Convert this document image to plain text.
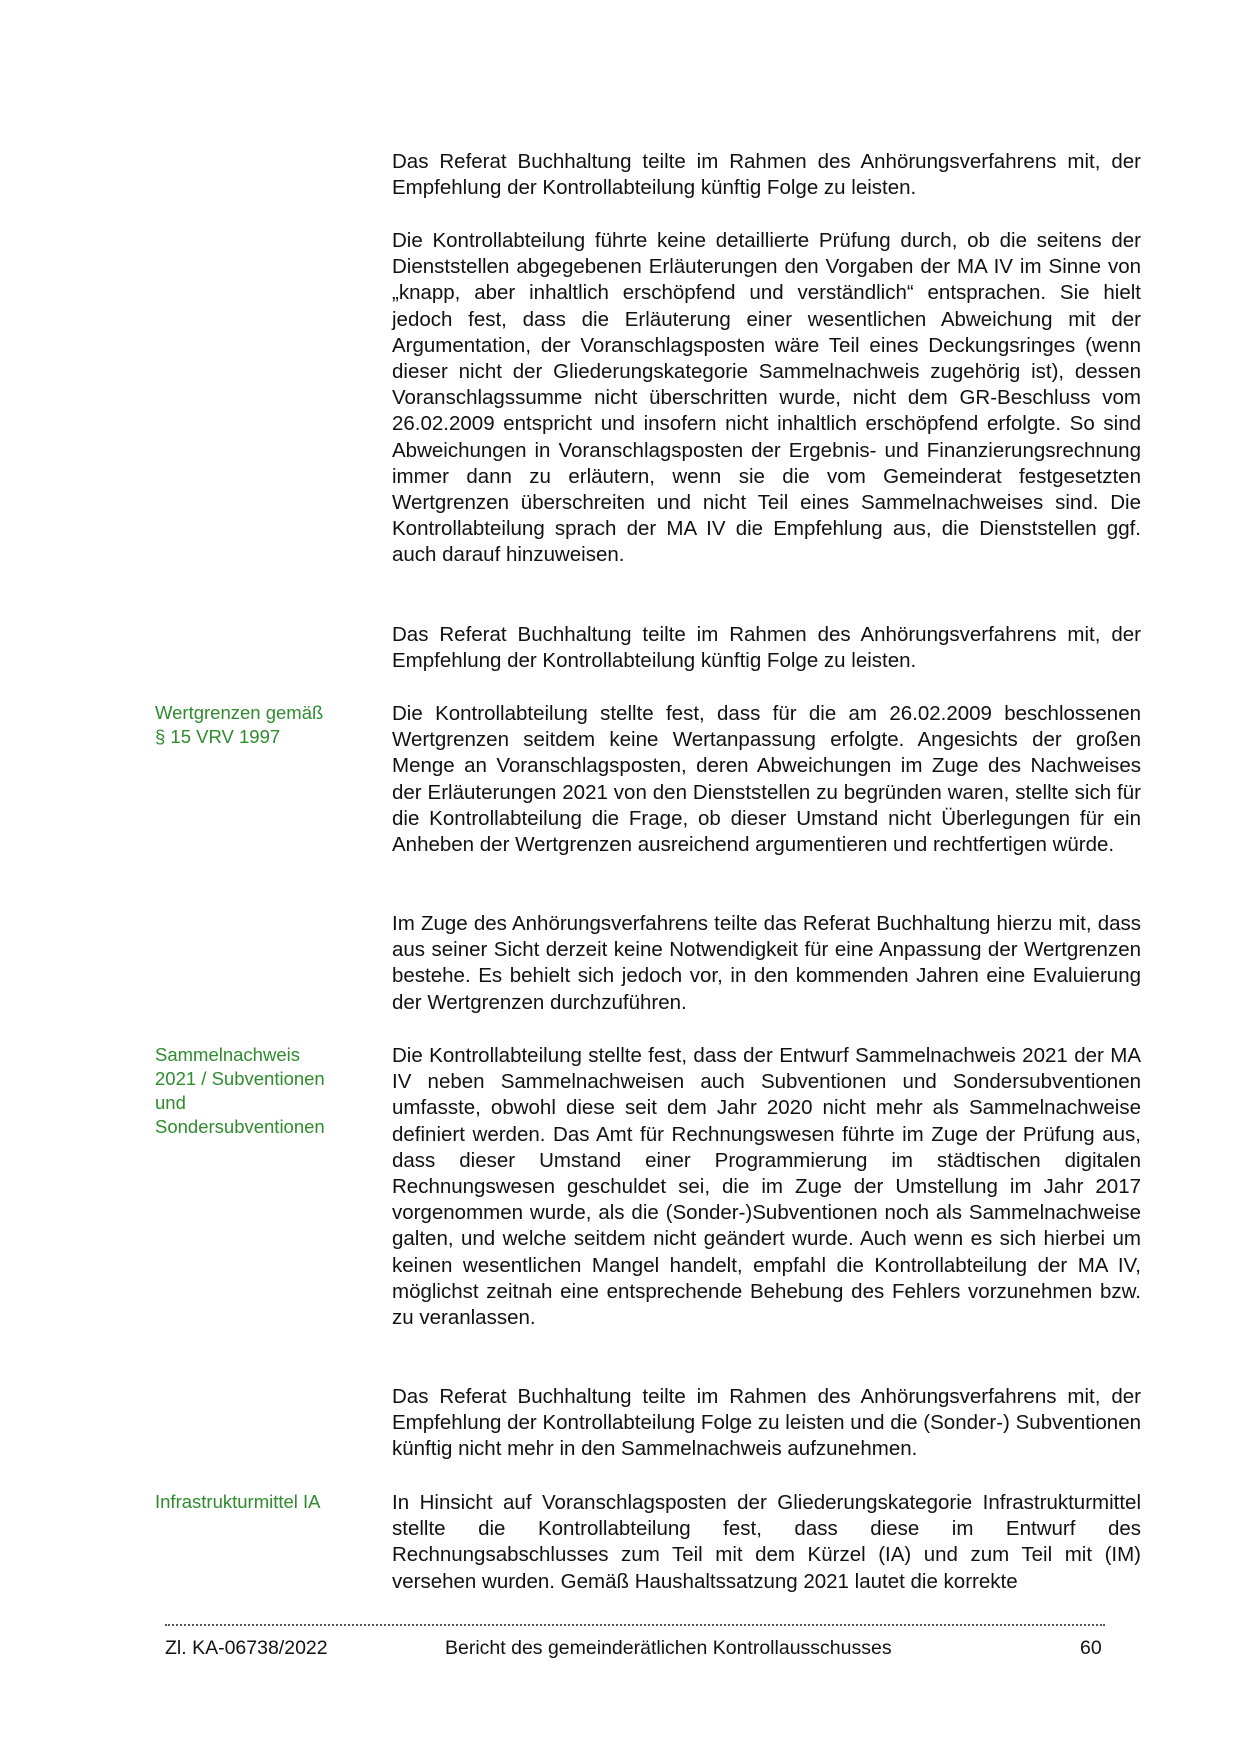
Das Referat Buchhaltung teilte im Rahmen des Anhörungsverfahrens mit, der Empfehlung der Kontrollabteilung künftig Folge zu leisten.

Die Kontrollabteilung führte keine detaillierte Prüfung durch, ob die seitens der Dienststellen abgegebenen Erläuterungen den Vorgaben der MA IV im Sinne von „knapp, aber inhaltlich erschöpfend und verständlich“ entsprachen. Sie hielt jedoch fest, dass die Erläuterung einer wesentlichen Abweichung mit der Argumentation, der Voranschlagsposten wäre Teil eines Deckungsringes (wenn dieser nicht der Gliederungskategorie Sammelnachweis zugehörig ist), dessen Voranschlagssumme nicht überschritten wurde, nicht dem GR-Beschluss vom 26.02.2009 entspricht und insofern nicht inhaltlich erschöpfend erfolgte. So sind Abweichungen in Voranschlagsposten der Ergebnis- und Finanzierungsrechnung immer dann zu erläutern, wenn sie die vom Gemeinderat festgesetzten Wertgrenzen überschreiten und nicht Teil eines Sammelnachweises sind. Die Kontrollabteilung sprach der MA IV die Empfehlung aus, die Dienststellen ggf. auch darauf hinzuweisen.

Das Referat Buchhaltung teilte im Rahmen des Anhörungsverfahrens mit, der Empfehlung der Kontrollabteilung künftig Folge zu leisten.

Wertgrenzen gemäß
§ 15 VRV 1997

Die Kontrollabteilung stellte fest, dass für die am 26.02.2009 beschlossenen Wertgrenzen seitdem keine Wertanpassung erfolgte. Angesichts der großen Menge an Voranschlagsposten, deren Abweichungen im Zuge des Nachweises der Erläuterungen 2021 von den Dienststellen zu begründen waren, stellte sich für die Kontrollabteilung die Frage, ob dieser Umstand nicht Überlegungen für ein Anheben der Wertgrenzen ausreichend argumentieren und rechtfertigen würde.

Im Zuge des Anhörungsverfahrens teilte das Referat Buchhaltung hierzu mit, dass aus seiner Sicht derzeit keine Notwendigkeit für eine Anpassung der Wertgrenzen bestehe. Es behielt sich jedoch vor, in den kommenden Jahren eine Evaluierung der Wertgrenzen durchzuführen.

Sammelnachweis
2021 / Subventionen
und
Sondersubventionen

Die Kontrollabteilung stellte fest, dass der Entwurf Sammelnachweis 2021 der MA IV neben Sammelnachweisen auch Subventionen und Sondersubventionen umfasste, obwohl diese seit dem Jahr 2020 nicht mehr als Sammelnachweise definiert werden. Das Amt für Rechnungswesen führte im Zuge der Prüfung aus, dass dieser Umstand einer Programmierung im städtischen digitalen Rechnungswesen geschuldet sei, die im Zuge der Umstellung im Jahr 2017 vorgenommen wurde, als die (Sonder-)Subventionen noch als Sammelnachweise galten, und welche seitdem nicht geändert wurde. Auch wenn es sich hierbei um keinen wesentlichen Mangel handelt, empfahl die Kontrollabteilung der MA IV, möglichst zeitnah eine entsprechende Behebung des Fehlers vorzunehmen bzw. zu veranlassen.

Das Referat Buchhaltung teilte im Rahmen des Anhörungsverfahrens mit, der Empfehlung der Kontrollabteilung Folge zu leisten und die (Sonder-) Subventionen künftig nicht mehr in den Sammelnachweis aufzunehmen.

Infrastrukturmittel IA	In Hinsicht auf Voranschlagsposten der Gliederungskategorie Infrastrukturmittel stellte die Kontrollabteilung fest, dass diese im Entwurf des Rechnungsabschlusses zum Teil mit dem Kürzel (IA) und zum Teil mit (IM) versehen wurden. Gemäß Haushaltssatzung 2021 lautet die korrekte

Zl. KA-06738/2022	Bericht des gemeinderätlichen Kontrollausschusses	60
